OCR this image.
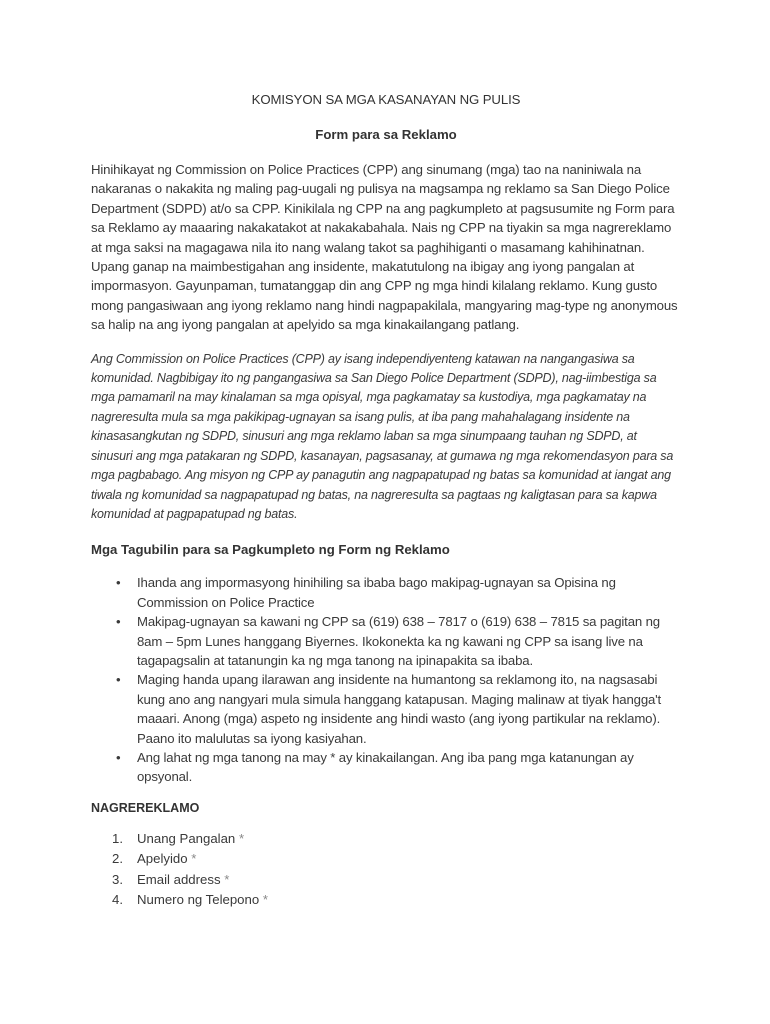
KOMISYON SA MGA KASANAYAN NG PULIS
Form para sa Reklamo

Hinihikayat ng Commission on Police Practices (CPP) ang sinumang (mga) tao na naniniwala na nakaranas o nakakita ng maling pag-uugali ng pulisya na magsampa ng reklamo sa San Diego Police Department (SDPD) at/o sa CPP. Kinikilala ng CPP na ang pagkumpleto at pagsusumite ng Form para sa Reklamo ay maaaring nakakatakot at nakakabahala. Nais ng CPP na tiyakin sa mga nagrereklamo at mga saksi na magagawa nila ito nang walang takot sa paghihiganti o masamang kahihinatnan. Upang ganap na maimbestigahan ang insidente, makatutulong na ibigay ang iyong pangalan at impormasyon. Gayunpaman, tumatanggap din ang CPP ng mga hindi kilalang reklamo. Kung gusto mong pangasiwaan ang iyong reklamo nang hindi nagpapakilala, mangyaring mag-type ng anonymous sa halip na ang iyong pangalan at apelyido sa mga kinakailangang patlang.

Ang Commission on Police Practices (CPP) ay isang independiyenteng katawan na nangangasiwa sa komunidad. Nagbibigay ito ng pangangasiwa sa San Diego Police Department (SDPD), nag-iimbestiga sa mga pamamaril na may kinalaman sa mga opisyal, mga pagkamatay sa kustodiya, mga pagkamatay na nagreresulta mula sa mga pakikipag-ugnayan sa isang pulis, at iba pang mahahalagang insidente na kinasasangkutan ng SDPD, sinusuri ang mga reklamo laban sa mga sinumpaang tauhan ng SDPD, at sinusuri ang mga patakaran ng SDPD, kasanayan, pagsasanay, at gumawa ng mga rekomendasyon para sa mga pagbabago. Ang misyon ng CPP ay panagutin ang nagpapatupad ng batas sa komunidad at iangat ang tiwala ng komunidad sa nagpapatupad ng batas, na nagreresulta sa pagtaas ng kaligtasan para sa kapwa komunidad at pagpapatupad ng batas.

Mga Tagubilin para sa Pagkumpleto ng Form ng Reklamo
• Ihanda ang impormasyong hinihiling sa ibaba bago makipag-ugnayan sa Opisina ng Commission on Police Practice
• Makipag-ugnayan sa kawani ng CPP sa (619) 638 – 7817 o (619) 638 – 7815 sa pagitan ng 8am – 5pm Lunes hanggang Biyernes. Ikokonekta ka ng kawani ng CPP sa isang live na tagapagsalin at tatanungin ka ng mga tanong na ipinapakita sa ibaba.
• Maging handa upang ilarawan ang insidente na humantong sa reklamong ito, na nagsasabi kung ano ang nangyari mula simula hanggang katapusan. Maging malinaw at tiyak hangga't maaari. Anong (mga) aspeto ng insidente ang hindi wasto (ang iyong partikular na reklamo). Paano ito malulutas sa iyong kasiyahan.
• Ang lahat ng mga tanong na may * ay kinakailangan. Ang iba pang mga katanungan ay opsyonal.
NAGREREKLAMO
1. Unang Pangalan *
2. Apelyido *
3. Email address *
4. Numero ng Telepono *
